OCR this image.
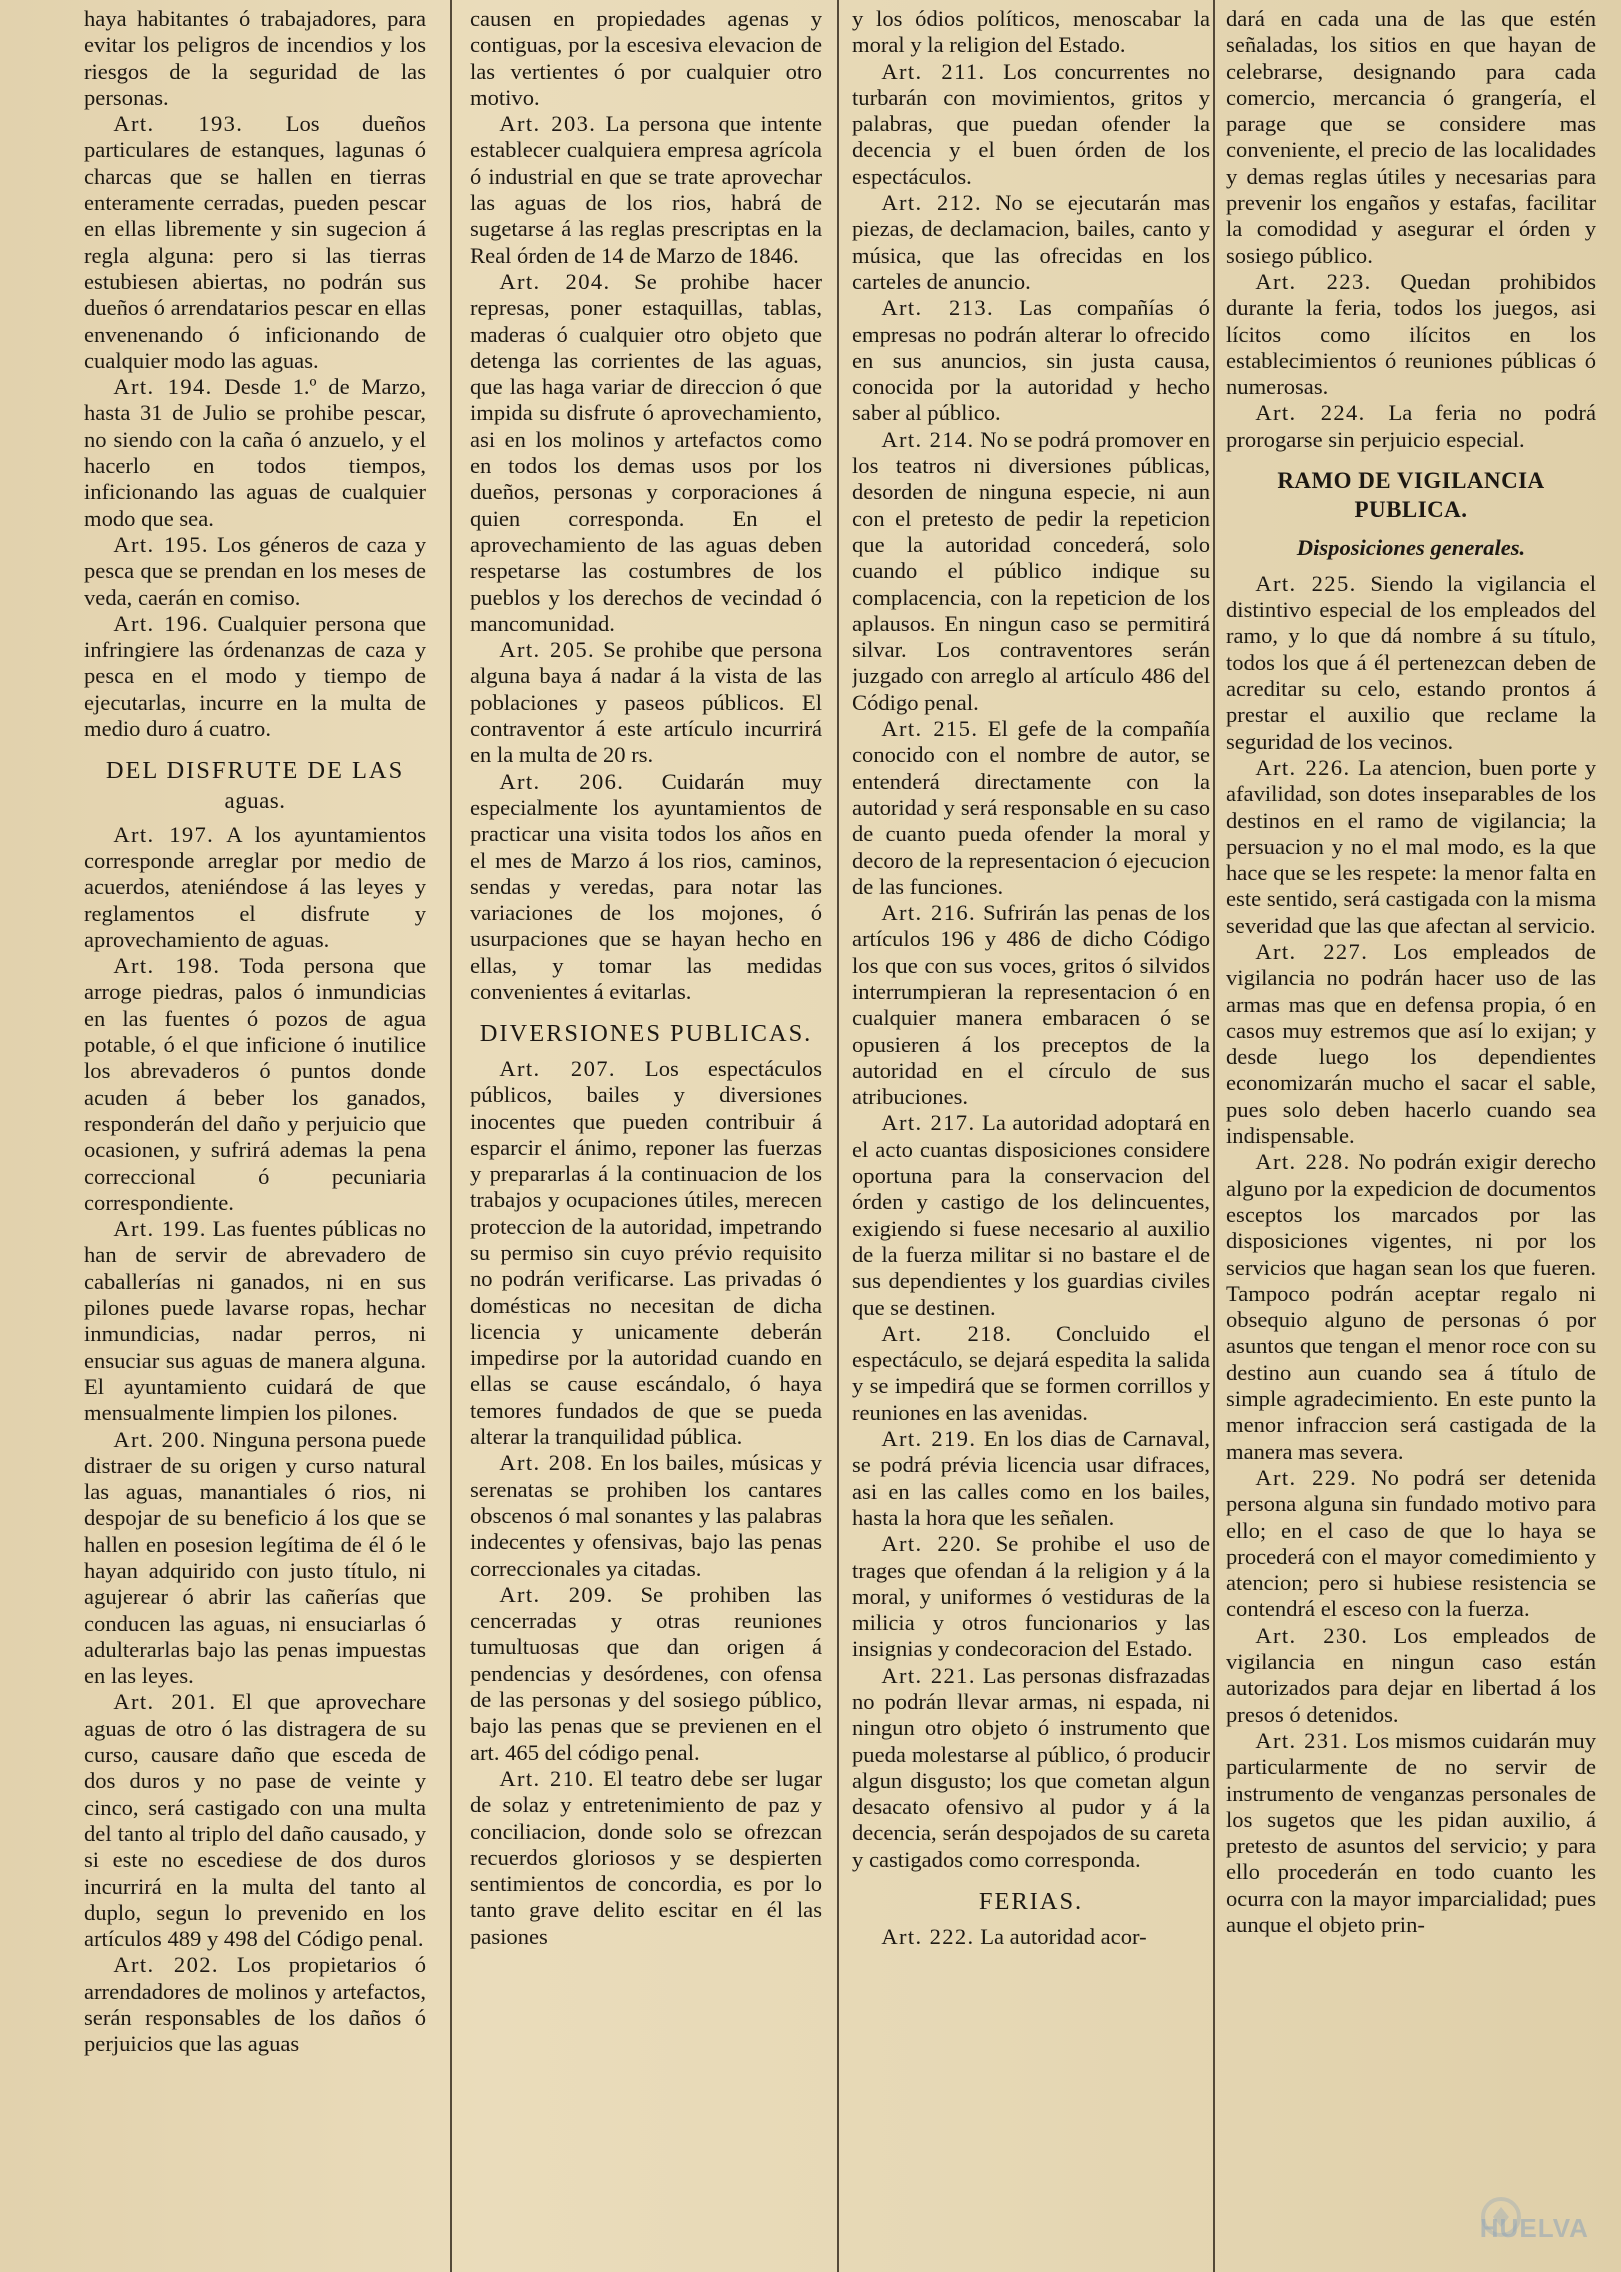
haya habitantes ó trabajadores, para evitar los peligros de incendios y los riesgos de la seguridad de las personas.

Art. 193. Los dueños particulares de estanques, lagunas ó charcas que se hallen en tierras enteramente cerradas, pueden pescar en ellas libremente y sin sugecion á regla alguna: pero si las tierras estubiesen abiertas, no podrán sus dueños ó arrendatarios pescar en ellas envenenando ó inficionando de cualquier modo las aguas.

Art. 194. Desde 1.º de Marzo, hasta 31 de Julio se prohibe pescar, no siendo con la caña ó anzuelo, y el hacerlo en todos tiempos, inficionando las aguas de cualquier modo que sea.

Art. 195. Los géneros de caza y pesca que se prendan en los meses de veda, caerán en comiso.

Art. 196. Cualquier persona que infringiere las órdenanzas de caza y pesca en el modo y tiempo de ejecutarlas, incurre en la multa de medio duro á cuatro.

DEL DISFRUTE DE LAS
aguas.

Art. 197. A los ayuntamientos corresponde arreglar por medio de acuerdos, ateniéndose á las leyes y reglamentos el disfrute y aprovechamiento de aguas.

Art. 198. Toda persona que arroge piedras, palos ó inmundicias en las fuentes ó pozos de agua potable, ó el que inficione ó inutilice los abrevaderos ó puntos donde acuden á beber los ganados, responderán del daño y perjuicio que ocasionen, y sufrirá ademas la pena correccional ó pecuniaria correspondiente.

Art. 199. Las fuentes públicas no han de servir de abrevadero de caballerías ni ganados, ni en sus pilones puede lavarse ropas, hechar inmundicias, nadar perros, ni ensuciar sus aguas de manera alguna. El ayuntamiento cuidará de que mensualmente limpien los pilones.

Art. 200. Ninguna persona puede distraer de su origen y curso natural las aguas, manantiales ó rios, ni despojar de su beneficio á los que se hallen en posesion legítima de él ó le hayan adquirido con justo título, ni agujerear ó abrir las cañerías que conducen las aguas, ni ensuciarlas ó adulterarlas bajo las penas impuestas en las leyes.

Art. 201. El que aprovechare aguas de otro ó las distragera de su curso, causare daño que esceda de dos duros y no pase de veinte y cinco, será castigado con una multa del tanto al triplo del daño causado, y si este no escediese de dos duros incurrirá en la multa del tanto al duplo, segun lo prevenido en los artículos 489 y 498 del Código penal.

Art. 202. Los propietarios ó arrendadores de molinos y artefactos, serán responsables de los daños ó perjuicios que las aguas

causen en propiedades agenas y contiguas, por la escesiva elevacion de las vertientes ó por cualquier otro motivo.

Art. 203. La persona que intente establecer cualquiera empresa agrícola ó industrial en que se trate aprovechar las aguas de los rios, habrá de sugetarse á las reglas prescriptas en la Real órden de 14 de Marzo de 1846.

Art. 204. Se prohibe hacer represas, poner estaquillas, tablas, maderas ó cualquier otro objeto que detenga las corrientes de las aguas, que las haga variar de direccion ó que impida su disfrute ó aprovechamiento, asi en los molinos y artefactos como en todos los demas usos por los dueños, personas y corporaciones á quien corresponda. En el aprovechamiento de las aguas deben respetarse las costumbres de los pueblos y los derechos de vecindad ó mancomunidad.

Art. 205. Se prohibe que persona alguna baya á nadar á la vista de las poblaciones y paseos públicos. El contraventor á este artículo incurrirá en la multa de 20 rs.

Art. 206. Cuidarán muy especialmente los ayuntamientos de practicar una visita todos los años en el mes de Marzo á los rios, caminos, sendas y veredas, para notar las variaciones de los mojones, ó usurpaciones que se hayan hecho en ellas, y tomar las medidas convenientes á evitarlas.

DIVERSIONES PUBLICAS.

Art. 207. Los espectáculos públicos, bailes y diversiones inocentes que pueden contribuir á esparcir el ánimo, reponer las fuerzas y prepararlas á la continuacion de los trabajos y ocupaciones útiles, merecen proteccion de la autoridad, impetrando su permiso sin cuyo prévio requisito no podrán verificarse. Las privadas ó domésticas no necesitan de dicha licencia y unicamente deberán impedirse por la autoridad cuando en ellas se cause escándalo, ó haya temores fundados de que se pueda alterar la tranquilidad pública.

Art. 208. En los bailes, músicas y serenatas se prohiben los cantares obscenos ó mal sonantes y las palabras indecentes y ofensivas, bajo las penas correccionales ya citadas.

Art. 209. Se prohiben las cencerradas y otras reuniones tumultuosas que dan origen á pendencias y desórdenes, con ofensa de las personas y del sosiego público, bajo las penas que se previenen en el art. 465 del código penal.

Art. 210. El teatro debe ser lugar de solaz y entretenimiento de paz y conciliacion, donde solo se ofrezcan recuerdos gloriosos y se despierten sentimientos de concordia, es por lo tanto grave delito escitar en él las pasiones

y los ódios políticos, menoscabar la moral y la religion del Estado.

Art. 211. Los concurrentes no turbarán con movimientos, gritos y palabras, que puedan ofender la decencia y el buen órden de los espectáculos.

Art. 212. No se ejecutarán mas piezas, de declamacion, bailes, canto y música, que las ofrecidas en los carteles de anuncio.

Art. 213. Las compañías ó empresas no podrán alterar lo ofrecido en sus anuncios, sin justa causa, conocida por la autoridad y hecho saber al público.

Art. 214. No se podrá promover en los teatros ni diversiones públicas, desorden de ninguna especie, ni aun con el pretesto de pedir la repeticion que la autoridad concederá, solo cuando el público indique su complacencia, con la repeticion de los aplausos. En ningun caso se permitirá silvar. Los contraventores serán juzgado con arreglo al artículo 486 del Código penal.

Art. 215. El gefe de la compañía conocido con el nombre de autor, se entenderá directamente con la autoridad y será responsable en su caso de cuanto pueda ofender la moral y decoro de la representacion ó ejecucion de las funciones.

Art. 216. Sufrirán las penas de los artículos 196 y 486 de dicho Código los que con sus voces, gritos ó silvidos interrumpieran la representacion ó en cualquier manera embaracen ó se opusieren á los preceptos de la autoridad en el círculo de sus atribuciones.

Art. 217. La autoridad adoptará en el acto cuantas disposiciones considere oportuna para la conservacion del órden y castigo de los delincuentes, exigiendo si fuese necesario al auxilio de la fuerza militar si no bastare el de sus dependientes y los guardias civiles que se destinen.

Art. 218. Concluido el espectáculo, se dejará espedita la salida y se impedirá que se formen corrillos y reuniones en las avenidas.

Art. 219. En los dias de Carnaval, se podrá prévia licencia usar difraces, asi en las calles como en los bailes, hasta la hora que les señalen.

Art. 220. Se prohibe el uso de trages que ofendan á la religion y á la moral, y uniformes ó vestiduras de la milicia y otros funcionarios y las insignias y condecoracion del Estado.

Art. 221. Las personas disfrazadas no podrán llevar armas, ni espada, ni ningun otro objeto ó instrumento que pueda molestarse al público, ó producir algun disgusto; los que cometan algun desacato ofensivo al pudor y á la decencia, serán despojados de su careta y castigados como corresponda.

FERIAS.

Art. 222. La autoridad acor-

dará en cada una de las que estén señaladas, los sitios en que hayan de celebrarse, designando para cada comercio, mercancia ó grangería, el parage que se considere mas conveniente, el precio de las localidades y demas reglas útiles y necesarias para prevenir los engaños y estafas, facilitar la comodidad y asegurar el órden y sosiego público.

Art. 223. Quedan prohibidos durante la feria, todos los juegos, asi lícitos como ilícitos en los establecimientos ó reuniones públicas ó numerosas.

Art. 224. La feria no podrá prorogarse sin perjuicio especial.

RAMO DE VIGILANCIA PUBLICA.
Disposiciones generales.

Art. 225. Siendo la vigilancia el distintivo especial de los empleados del ramo, y lo que dá nombre á su título, todos los que á él pertenezcan deben de acreditar su celo, estando prontos á prestar el auxilio que reclame la seguridad de los vecinos.

Art. 226. La atencion, buen porte y afavilidad, son dotes inseparables de los destinos en el ramo de vigilancia; la persuacion y no el mal modo, es la que hace que se les respete: la menor falta en este sentido, será castigada con la misma severidad que las que afectan al servicio.

Art. 227. Los empleados de vigilancia no podrán hacer uso de las armas mas que en defensa propia, ó en casos muy estremos que así lo exijan; y desde luego los dependientes economizarán mucho el sacar el sable, pues solo deben hacerlo cuando sea indispensable.

Art. 228. No podrán exigir derecho alguno por la expedicion de documentos esceptos los marcados por las disposiciones vigentes, ni por los servicios que hagan sean los que fueren. Tampoco podrán aceptar regalo ni obsequio alguno de personas ó por asuntos que tengan el menor roce con su destino aun cuando sea á título de simple agradecimiento. En este punto la menor infraccion será castigada de la manera mas severa.

Art. 229. No podrá ser detenida persona alguna sin fundado motivo para ello; en el caso de que lo haya se procederá con el mayor comedimiento y atencion; pero si hubiese resistencia se contendrá el esceso con la fuerza.

Art. 230. Los empleados de vigilancia en ningun caso están autorizados para dejar en libertad á los presos ó detenidos.

Art. 231. Los mismos cuidarán muy particularmente de no servir de instrumento de venganzas personales de los sugetos que les pidan auxilio, á pretesto de asuntos del servicio; y para ello procederán en todo cuanto les ocurra con la mayor imparcialidad; pues aunque el objeto prin-

HUELVA
